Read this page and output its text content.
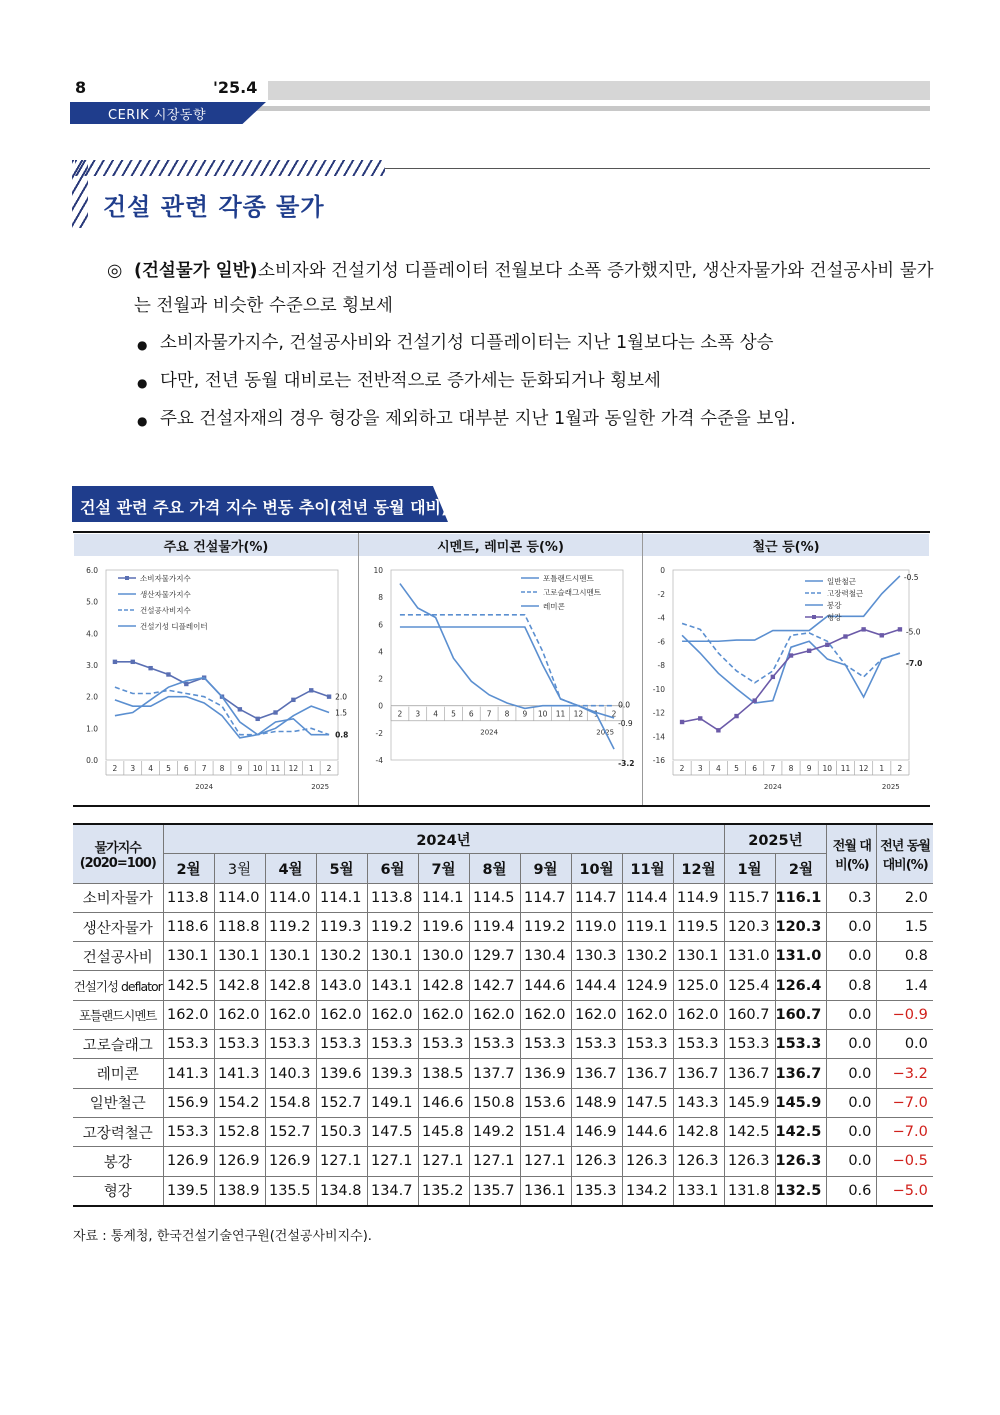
8	'25.4
CERIK 시장동향
건설 관련 각종 물가
◎ (건설물가 일반) 소비자와 건설기성 디플레이터 전월보다 소폭 증가했지만, 생산자물가와 건설공사비 물가
는 전월과 비슷한 수준으로 횡보세
● 소비자물가지수, 건설공사비와 건설기성 디플레이터는 지난 1월보다는 소폭 상승
● 다만, 전년 동월 대비로는 전반적으로 증가세는 둔화되거나 횡보세
● 주요 건설자재의 경우 형강을 제외하고 대부분 지난 1월과 동일한 가격 수준을 보임.
건설 관련 주요 가격 지수 변동 추이(전년 동월 대비)
주요 건설물가(%)	시멘트, 레미콘 등(%)	철근 등(%)
6.0
5.0
4.0
3.0
2.0
1.0
0.0
2 3 4 5 6 7 8 9 10 11 12 1 2
2024	2025
소비자물가지수
생산자물가지수
건설공사비지수
건설기성 디플레이터
2.0
1.5
0.8
10
8
6
4
2
0
-2
-4
2 3 4 5 6 7 8 9 10 11 12 1 2
2024	2025
포틀랜드시멘트
고로슬래그시멘트
레미콘
0.0
-0.9
-3.2
0
-2
-4
-6
-8
-10
-12
-14
-16
2 3 4 5 6 7 8 9 10 11 12 1 2
2024	2025
일반철근
고장력철근
봉강
형강
-0.5
-5.0
-7.0
물가지수 (2020=100)	2024년											2025년		전월 대비(%)	전년 동월 대비(%)
	2월	3월	4월	5월	6월	7월	8월	9월	10월	11월	12월	1월	2월		
소비자물가	113.8	114.0	114.0	114.1	113.8	114.1	114.5	114.7	114.7	114.4	114.9	115.7	116.1	0.3	2.0
생산자물가	118.6	118.8	119.2	119.3	119.2	119.6	119.4	119.2	119.0	119.1	119.5	120.3	120.3	0.0	1.5
건설공사비	130.1	130.1	130.1	130.2	130.1	130.0	129.7	130.4	130.3	130.2	130.1	131.0	131.0	0.0	0.8
건설기성 deflator	142.5	142.8	142.8	143.0	143.1	142.8	142.7	144.6	144.4	124.9	125.0	125.4	126.4	0.8	1.4
포틀랜드시멘트	162.0	162.0	162.0	162.0	162.0	162.0	162.0	162.0	162.0	162.0	162.0	160.7	160.7	0.0	−0.9
고로슬래그	153.3	153.3	153.3	153.3	153.3	153.3	153.3	153.3	153.3	153.3	153.3	153.3	153.3	0.0	0.0
레미콘	141.3	141.3	140.3	139.6	139.3	138.5	137.7	136.9	136.7	136.7	136.7	136.7	136.7	0.0	−3.2
일반철근	156.9	154.2	154.8	152.7	149.1	146.6	150.8	153.6	148.9	147.5	143.3	145.9	145.9	0.0	−7.0
고장력철근	153.3	152.8	152.7	150.3	147.5	145.8	149.2	151.4	146.9	144.6	142.8	142.5	142.5	0.0	−7.0
봉강	126.9	126.9	126.9	127.1	127.1	127.1	127.1	127.1	126.3	126.3	126.3	126.3	126.3	0.0	−0.5
형강	139.5	138.9	135.5	134.8	134.7	135.2	135.7	136.1	135.3	134.2	133.1	131.8	132.5	0.6	−5.0
자료 : 통계청, 한국건설기술연구원(건설공사비지수).
